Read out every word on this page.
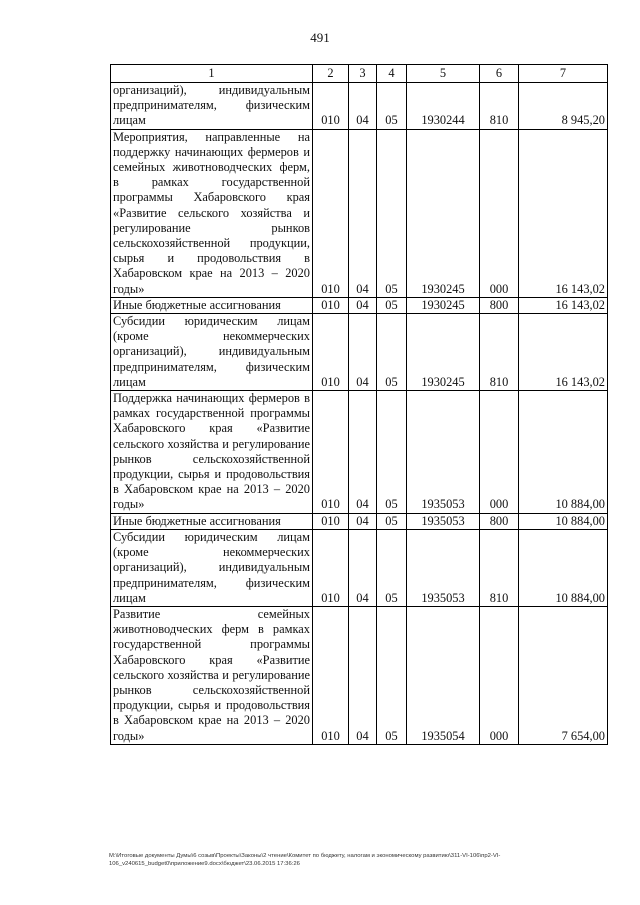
491
1	2	3	4	5	6	7
организаций), индивидуальным предпринимателям, физическим лицам	010	04	05	1930244	810	8 945,20
Мероприятия, направленные на поддержку начинающих фермеров и семейных животноводческих ферм, в рамках государственной программы Хабаровского края «Развитие сельского хозяйства и регулирование рынков сельскохозяйственной продукции, сырья и продовольствия в Хабаровском крае на 2013 – 2020 годы»	010	04	05	1930245	000	16 143,02
Иные бюджетные ассигнования	010	04	05	1930245	800	16 143,02
Субсидии юридическим лицам (кроме некоммерческих организаций), индивидуальным предпринимателям, физическим лицам	010	04	05	1930245	810	16 143,02
Поддержка начинающих фермеров в рамках государственной программы Хабаровского края «Развитие сельского хозяйства и регулирование рынков сельскохозяйственной продукции, сырья и продовольствия в Хабаровском крае на 2013 – 2020 годы»	010	04	05	1935053	000	10 884,00
Иные бюджетные ассигнования	010	04	05	1935053	800	10 884,00
Субсидии юридическим лицам (кроме некоммерческих организаций), индивидуальным предпринимателям, физическим лицам	010	04	05	1935053	810	10 884,00
Развитие семейных животноводческих ферм в рамках государственной программы Хабаровского края «Развитие сельского хозяйства и регулирование рынков сельскохозяйственной продукции, сырья и продовольствия в Хабаровском крае на 2013 – 2020 годы»	010	04	05	1935054	000	7 654,00
М:\Итоговые документы Думы\6 созыв\Проекты\Законы\2 чтение\Комитет по бюджету, налогам и экономическому развитию\311-VI-106\пр2-VI-
106_v240615_budget0\приложение9.docx\бюджет\23.06.2015 17:36:26
